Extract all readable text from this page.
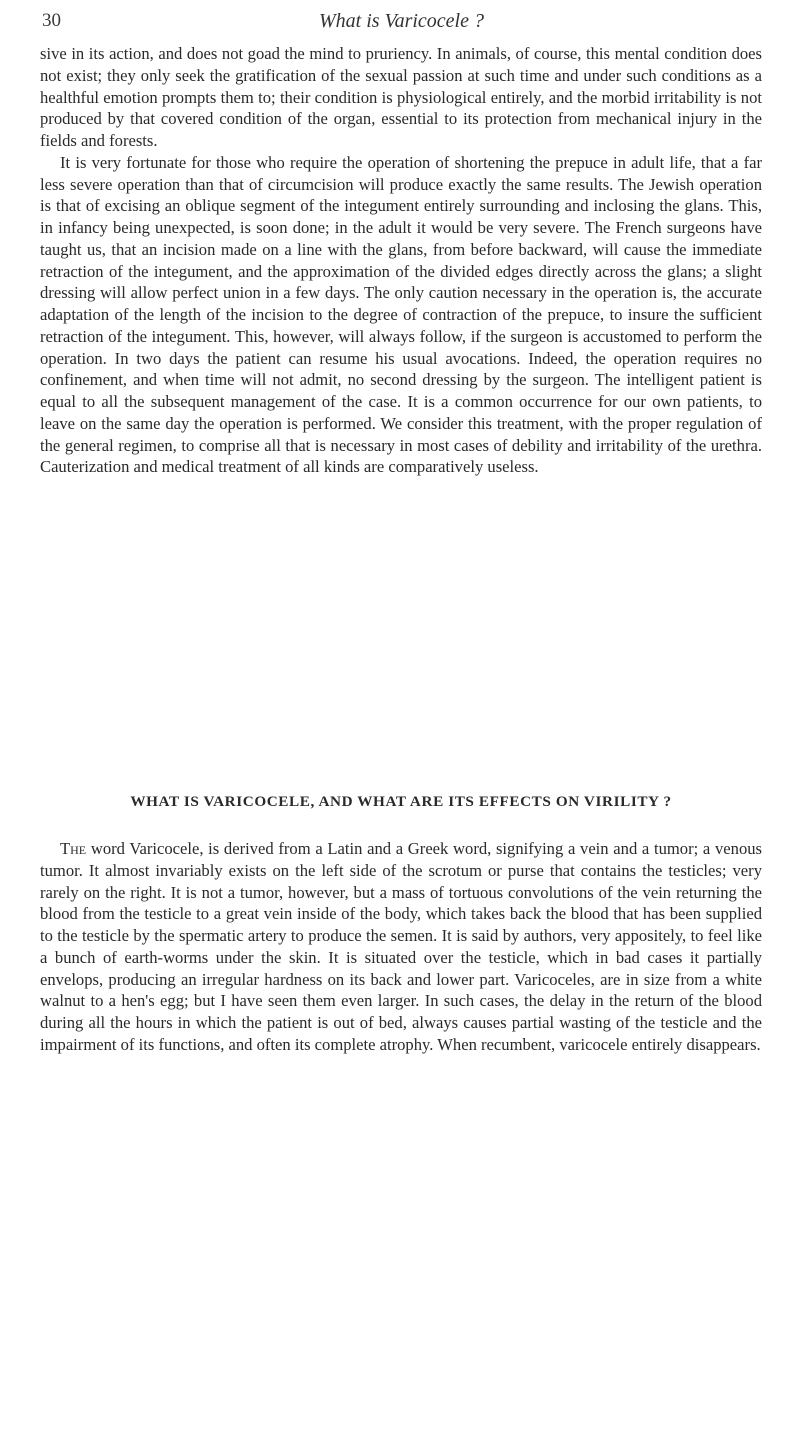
30	What is Varicocele ?

sive in its action, and does not goad the mind to pruriency. In animals, of course, this mental condition does not exist; they only seek the gratification of the sexual passion at such time and under such conditions as a healthful emotion prompts them to; their condition is physiological entirely, and the morbid irritability is not produced by that covered condition of the organ, essential to its protection from mechanical injury in the fields and forests.

It is very fortunate for those who require the operation of shortening the prepuce in adult life, that a far less severe operation than that of circumcision will produce exactly the same results. The Jewish operation is that of excising an oblique segment of the integument entirely surrounding and inclosing the glans. This, in infancy being unexpected, is soon done; in the adult it would be very severe. The French surgeons have taught us, that an incision made on a line with the glans, from before backward, will cause the immediate retraction of the integument, and the approximation of the divided edges directly across the glans; a slight dressing will allow perfect union in a few days. The only caution necessary in the operation is, the accurate adaptation of the length of the incision to the degree of contraction of the prepuce, to insure the sufficient retraction of the integument. This, however, will always follow, if the surgeon is accustomed to perform the operation. In two days the patient can resume his usual avocations. Indeed, the operation requires no confinement, and when time will not admit, no second dressing by the surgeon. The intelligent patient is equal to all the subsequent management of the case. It is a common occurrence for our own patients, to leave on the same day the operation is performed. We consider this treatment, with the proper regulation of the general regimen, to comprise all that is necessary in most cases of debility and irritability of the urethra. Cauterization and medical treatment of all kinds are comparatively useless.

WHAT IS VARICOCELE, AND WHAT ARE ITS EFFECTS ON VIRILITY ?

The word Varicocele, is derived from a Latin and a Greek word, signifying a vein and a tumor; a venous tumor. It almost invariably exists on the left side of the scrotum or purse that contains the testicles; very rarely on the right. It is not a tumor, however, but a mass of tortuous convolutions of the vein returning the blood from the testicle to a great vein inside of the body, which takes back the blood that has been supplied to the testicle by the spermatic artery to produce the semen. It is said by authors, very appositely, to feel like a bunch of earth-worms under the skin. It is situated over the testicle, which in bad cases it partially envelops, producing an irregular hardness on its back and lower part. Varicoceles, are in size from a white walnut to a hen's egg; but I have seen them even larger. In such cases, the delay in the return of the blood during all the hours in which the patient is out of bed, always causes partial wasting of the testicle and the impairment of its functions, and often its complete atrophy. When recumbent, varicocele entirely disappears.
